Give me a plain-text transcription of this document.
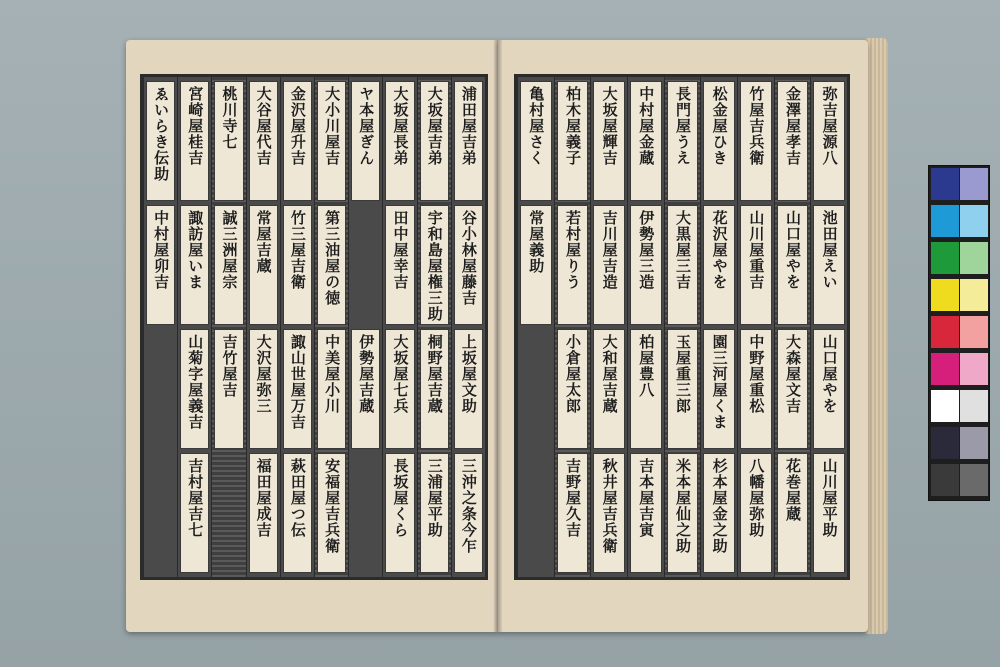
浦田屋吉弟
谷小林屋藤吉
上坂屋文助
三沖之条今乍
大坂屋吉弟
宇和島屋権三助
桐野屋吉蔵
三浦屋平助
大坂屋長弟
田中屋幸吉
大坂屋七兵
長坂屋くら
ヤ本屋ぎん
伊勢屋吉蔵
大小川屋吉
第三油屋の徳
中美屋小川
安福屋吉兵衛
金沢屋升吉
竹三屋吉衛
諏山世屋万吉
萩田屋つ伝
大谷屋代吉
常屋吉蔵
大沢屋弥三
福田屋成吉
桃川寺七
誠三洲屋宗
吉竹屋吉
宮崎屋桂吉
諏訪屋いま
山菊字屋義吉
吉村屋吉七
ゑいらき伝助
中村屋卯吉
弥吉屋源八
池田屋えい
山口屋やを
山川屋平助
金澤屋孝吉
山口屋やを
大森屋文吉
花巻屋蔵
竹屋吉兵衛
山川屋重吉
中野屋重松
八幡屋弥助
松金屋ひき
花沢屋やを
園三河屋くま
杉本屋金之助
長門屋うえ
大黒屋三吉
玉屋重三郎
米本屋仙之助
中村屋金蔵
伊勢屋三造
柏屋豊八
吉本屋吉寅
大坂屋輝吉
吉川屋吉造
大和屋吉蔵
秋井屋吉兵衛
柏木屋義子
若村屋りう
小倉屋太郎
吉野屋久吉
亀村屋さく
常屋義助
